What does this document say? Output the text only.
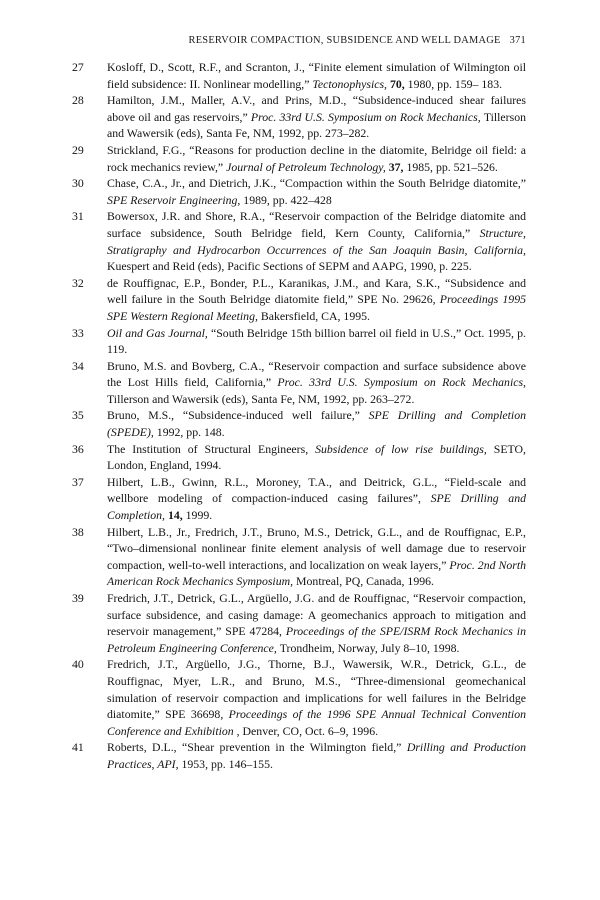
RESERVOIR COMPACTION, SUBSIDENCE AND WELL DAMAGE 371
27	Kosloff, D., Scott, R.F., and Scranton, J., “Finite element simulation of Wilmington oil field subsidence: II. Nonlinear modelling,” Tectonophysics, 70, 1980, pp. 159– 183.
28	Hamilton, J.M., Maller, A.V., and Prins, M.D., “Subsidence-induced shear failures above oil and gas reservoirs,” Proc. 33rd U.S. Symposium on Rock Mechanics, Tillerson and Wawersik (eds), Santa Fe, NM, 1992, pp. 273–282.
29	Strickland, F.G., “Reasons for production decline in the diatomite, Belridge oil field: a rock mechanics review,” Journal of Petroleum Technology, 37, 1985, pp. 521–526.
30	Chase, C.A., Jr., and Dietrich, J.K., “Compaction within the South Belridge diatomite,” SPE Reservoir Engineering, 1989, pp. 422–428
31	Bowersox, J.R. and Shore, R.A., “Reservoir compaction of the Belridge diatomite and surface subsidence, South Belridge field, Kern County, California,” Structure, Stratigraphy and Hydrocarbon Occurrences of the San Joaquin Basin, California, Kuespert and Reid (eds), Pacific Sections of SEPM and AAPG, 1990, p. 225.
32	de Rouffignac, E.P., Bonder, P.L., Karanikas, J.M., and Kara, S.K., “Subsidence and well failure in the South Belridge diatomite field,” SPE No. 29626, Proceedings 1995 SPE Western Regional Meeting, Bakersfield, CA, 1995.
33	Oil and Gas Journal, “South Belridge 15th billion barrel oil field in U.S.,” Oct. 1995, p. 119.
34	Bruno, M.S. and Bovberg, C.A., “Reservoir compaction and surface subsidence above the Lost Hills field, California,” Proc. 33rd U.S. Symposium on Rock Mechanics, Tillerson and Wawersik (eds), Santa Fe, NM, 1992, pp. 263–272.
35	Bruno, M.S., “Subsidence-induced well failure,” SPE Drilling and Completion (SPEDE), 1992, pp. 148.
36	The Institution of Structural Engineers, Subsidence of low rise buildings, SETO, London, England, 1994.
37	Hilbert, L.B., Gwinn, R.L., Moroney, T.A., and Deitrick, G.L., “Field-scale and wellbore modeling of compaction-induced casing failures”, SPE Drilling and Completion, 14, 1999.
38	Hilbert, L.B., Jr., Fredrich, J.T., Bruno, M.S., Detrick, G.L., and de Rouffignac, E.P., “Two–dimensional nonlinear finite element analysis of well damage due to reservoir compaction, well-to-well interactions, and localization on weak layers,” Proc. 2nd North American Rock Mechanics Symposium, Montreal, PQ, Canada, 1996.
39	Fredrich, J.T., Detrick, G.L., Argüello, J.G. and de Rouffignac, “Reservoir compaction, surface subsidence, and casing damage: A geomechanics approach to mitigation and reservoir management,” SPE 47284, Proceedings of the SPE/ISRM Rock Mechanics in Petroleum Engineering Conference, Trondheim, Norway, July 8–10, 1998.
40	Fredrich, J.T., Argüello, J.G., Thorne, B.J., Wawersik, W.R., Detrick, G.L., de Rouffignac, Myer, L.R., and Bruno, M.S., “Three-dimensional geomechanical simulation of reservoir compaction and implications for well failures in the Belridge diatomite,” SPE 36698, Proceedings of the 1996 SPE Annual Technical Convention Conference and Exhibition , Denver, CO, Oct. 6–9, 1996.
41	Roberts, D.L., “Shear prevention in the Wilmington field,” Drilling and Production Practices, API, 1953, pp. 146–155.
